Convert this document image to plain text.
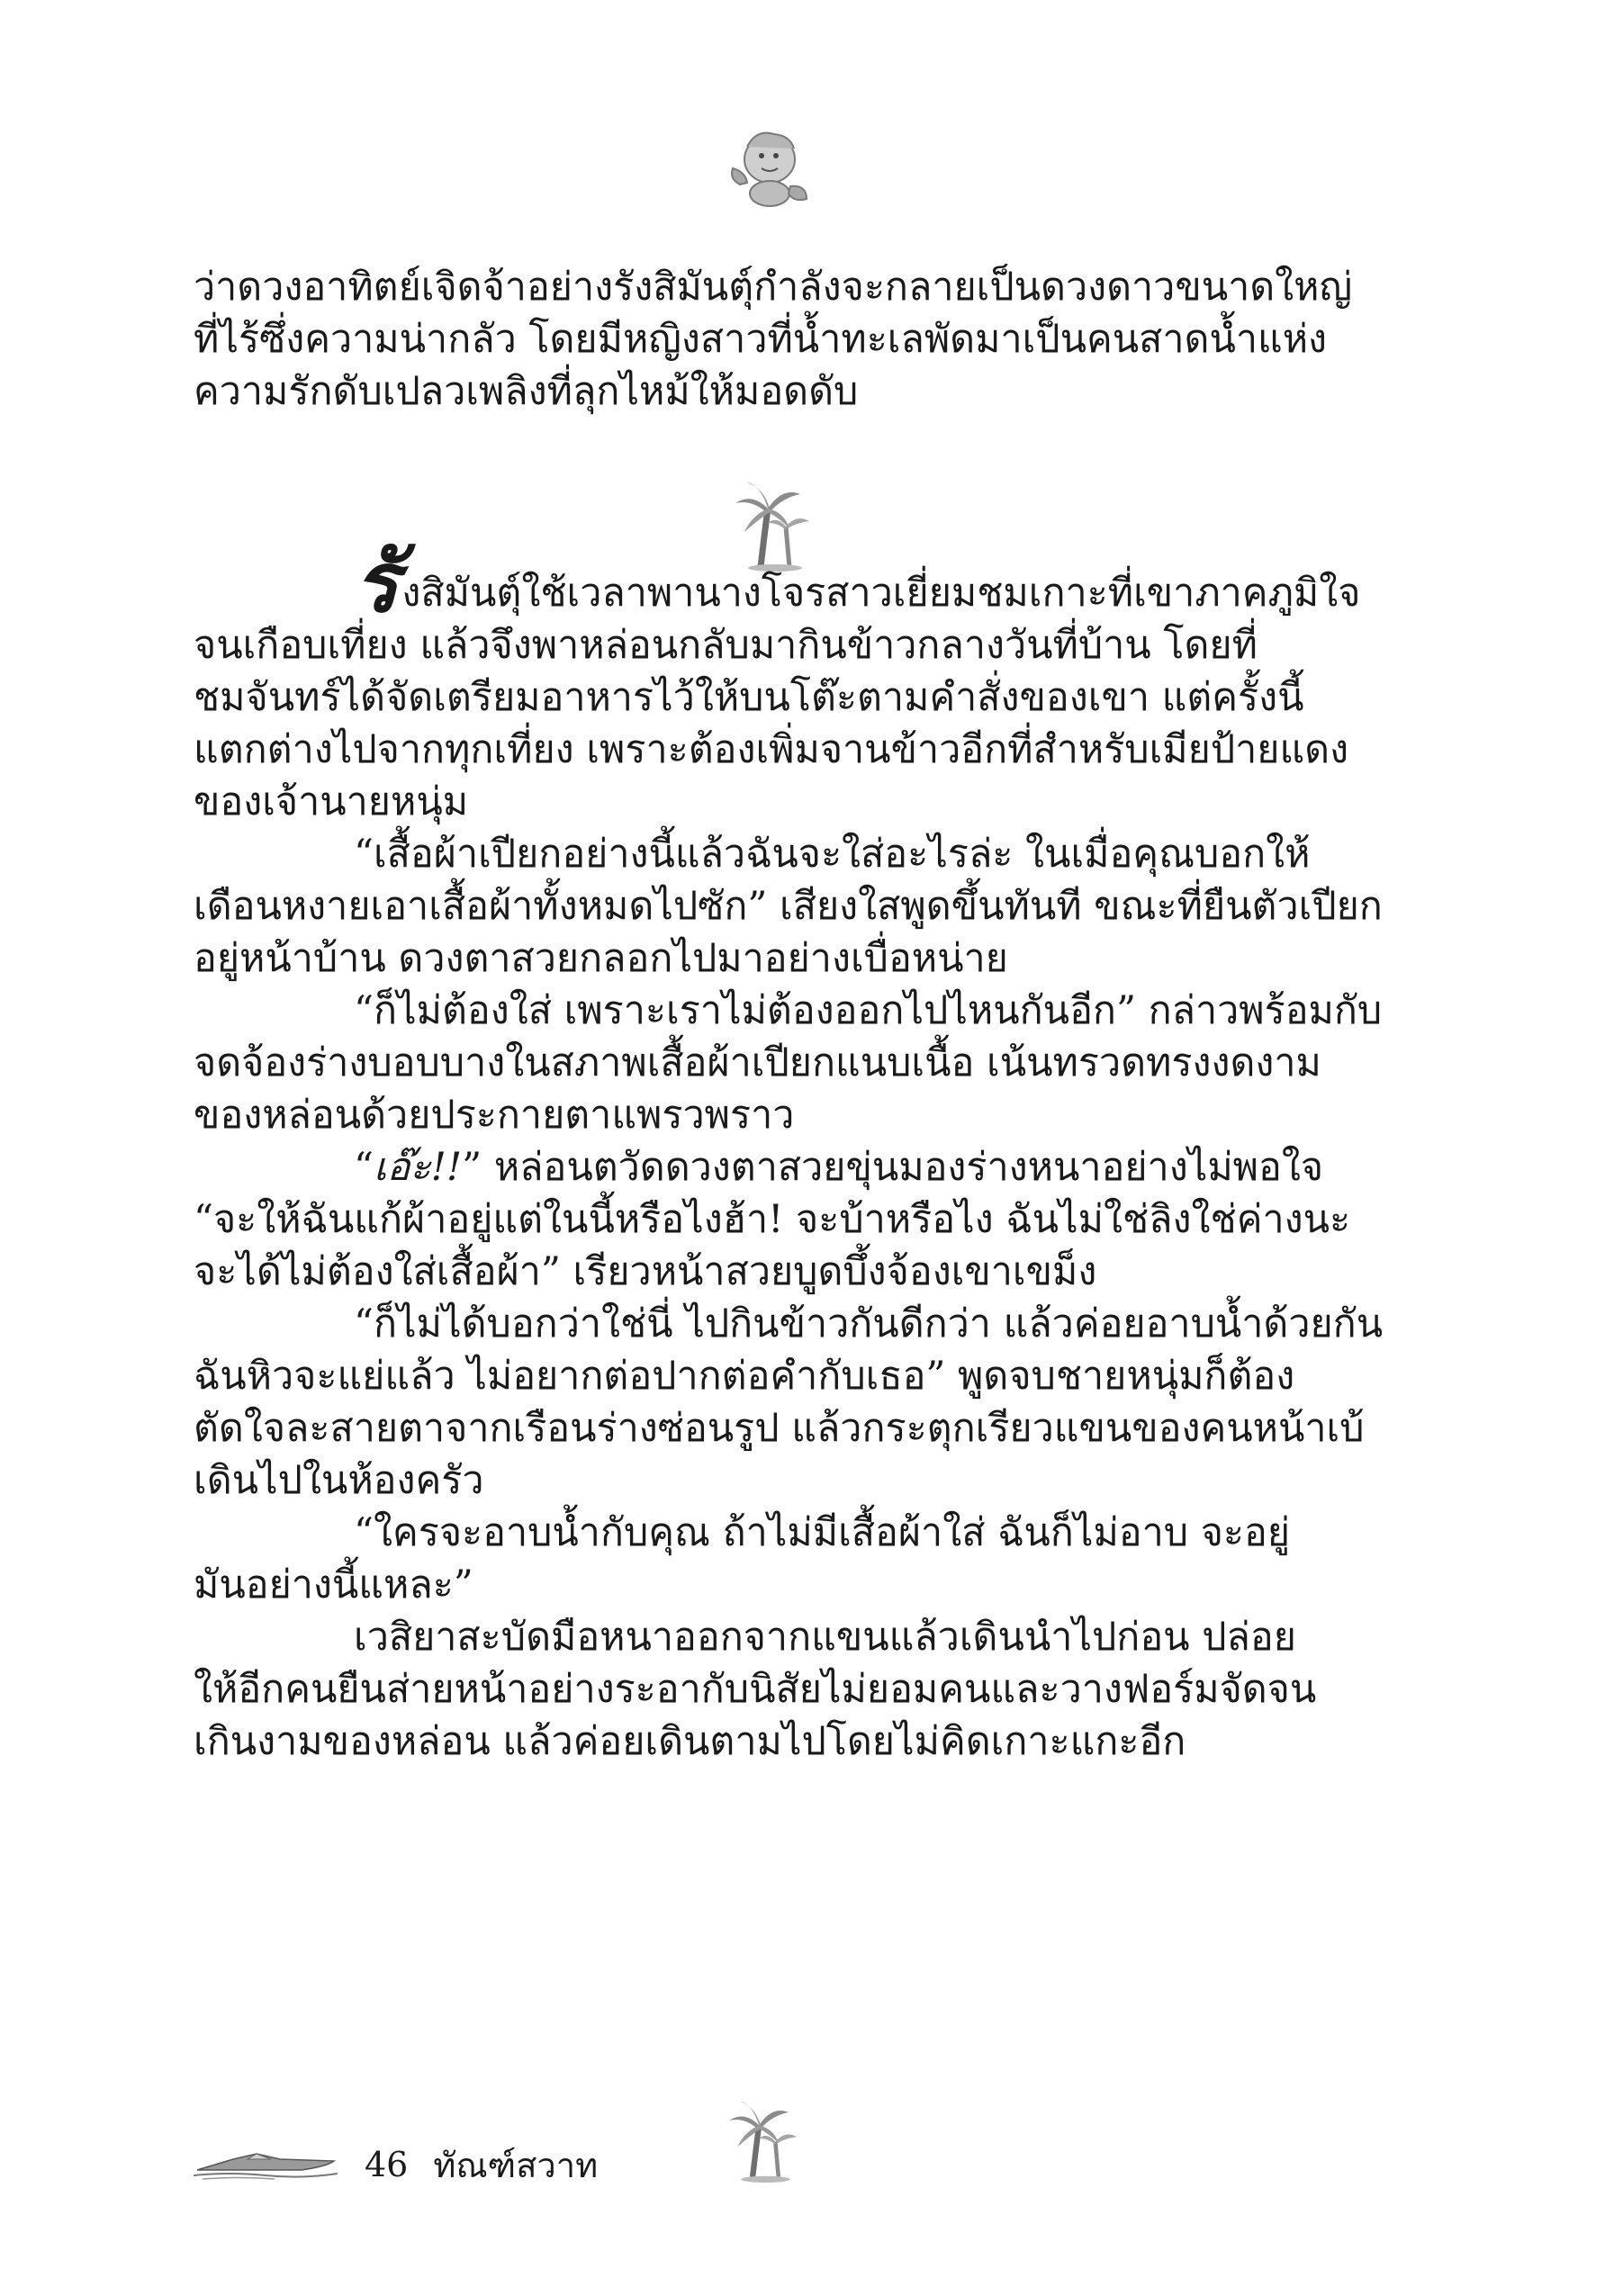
ว่าดวงอาทิตย์เจิดจ้าอย่างรังสิมันตุ์กำลังจะกลายเป็นดวงดาวขนาดใหญ่
ที่ไร้ซึ่งความน่ากลัว โดยมีหญิงสาวที่น้ำทะเลพัดมาเป็นคนสาดน้ำแห่ง
ความรักดับเปลวเพลิงที่ลุกไหม้ให้มอดดับ
รังสิมันตุ์ใช้เวลาพานางโจรสาวเยี่ยมชมเกาะที่เขาภาคภูมิใจ
จนเกือบเที่ยง แล้วจึงพาหล่อนกลับมากินข้าวกลางวันที่บ้าน โดยที่
ชมจันทร์ได้จัดเตรียมอาหารไว้ให้บนโต๊ะตามคำสั่งของเขา แต่ครั้งนี้
แตกต่างไปจากทุกเที่ยง เพราะต้องเพิ่มจานข้าวอีกที่สำหรับเมียป้ายแดง
ของเจ้านายหนุ่ม
“เสื้อผ้าเปียกอย่างนี้แล้วฉันจะใส่อะไรล่ะ ในเมื่อคุณบอกให้
เดือนหงายเอาเสื้อผ้าทั้งหมดไปซัก” เสียงใสพูดขึ้นทันที ขณะที่ยืนตัวเปียก
อยู่หน้าบ้าน ดวงตาสวยกลอกไปมาอย่างเบื่อหน่าย
“ก็ไม่ต้องใส่ เพราะเราไม่ต้องออกไปไหนกันอีก” กล่าวพร้อมกับ
จดจ้องร่างบอบบางในสภาพเสื้อผ้าเปียกแนบเนื้อ เน้นทรวดทรงงดงาม
ของหล่อนด้วยประกายตาแพรวพราว
“เอ๊ะ!!” หล่อนตวัดดวงตาสวยขุ่นมองร่างหนาอย่างไม่พอใจ
“จะให้ฉันแก้ผ้าอยู่แต่ในนี้หรือไงฮ้า! จะบ้าหรือไง ฉันไม่ใช่ลิงใช่ค่างนะ
จะได้ไม่ต้องใส่เสื้อผ้า” เรียวหน้าสวยบูดบึ้งจ้องเขาเขม็ง
“ก็ไม่ได้บอกว่าใช่นี่ ไปกินข้าวกันดีกว่า แล้วค่อยอาบน้ำด้วยกัน
ฉันหิวจะแย่แล้ว ไม่อยากต่อปากต่อคำกับเธอ” พูดจบชายหนุ่มก็ต้อง
ตัดใจละสายตาจากเรือนร่างซ่อนรูป แล้วกระตุกเรียวแขนของคนหน้าเบ้
เดินไปในห้องครัว
“ใครจะอาบน้ำกับคุณ ถ้าไม่มีเสื้อผ้าใส่ ฉันก็ไม่อาบ จะอยู่
มันอย่างนี้แหละ”
เวสิยาสะบัดมือหนาออกจากแขนแล้วเดินนำไปก่อน ปล่อย
ให้อีกคนยืนส่ายหน้าอย่างระอากับนิสัยไม่ยอมคนและวางฟอร์มจัดจน
เกินงามของหล่อน แล้วค่อยเดินตามไปโดยไม่คิดเกาะแกะอีก
46 ทัณฑ์สวาท
